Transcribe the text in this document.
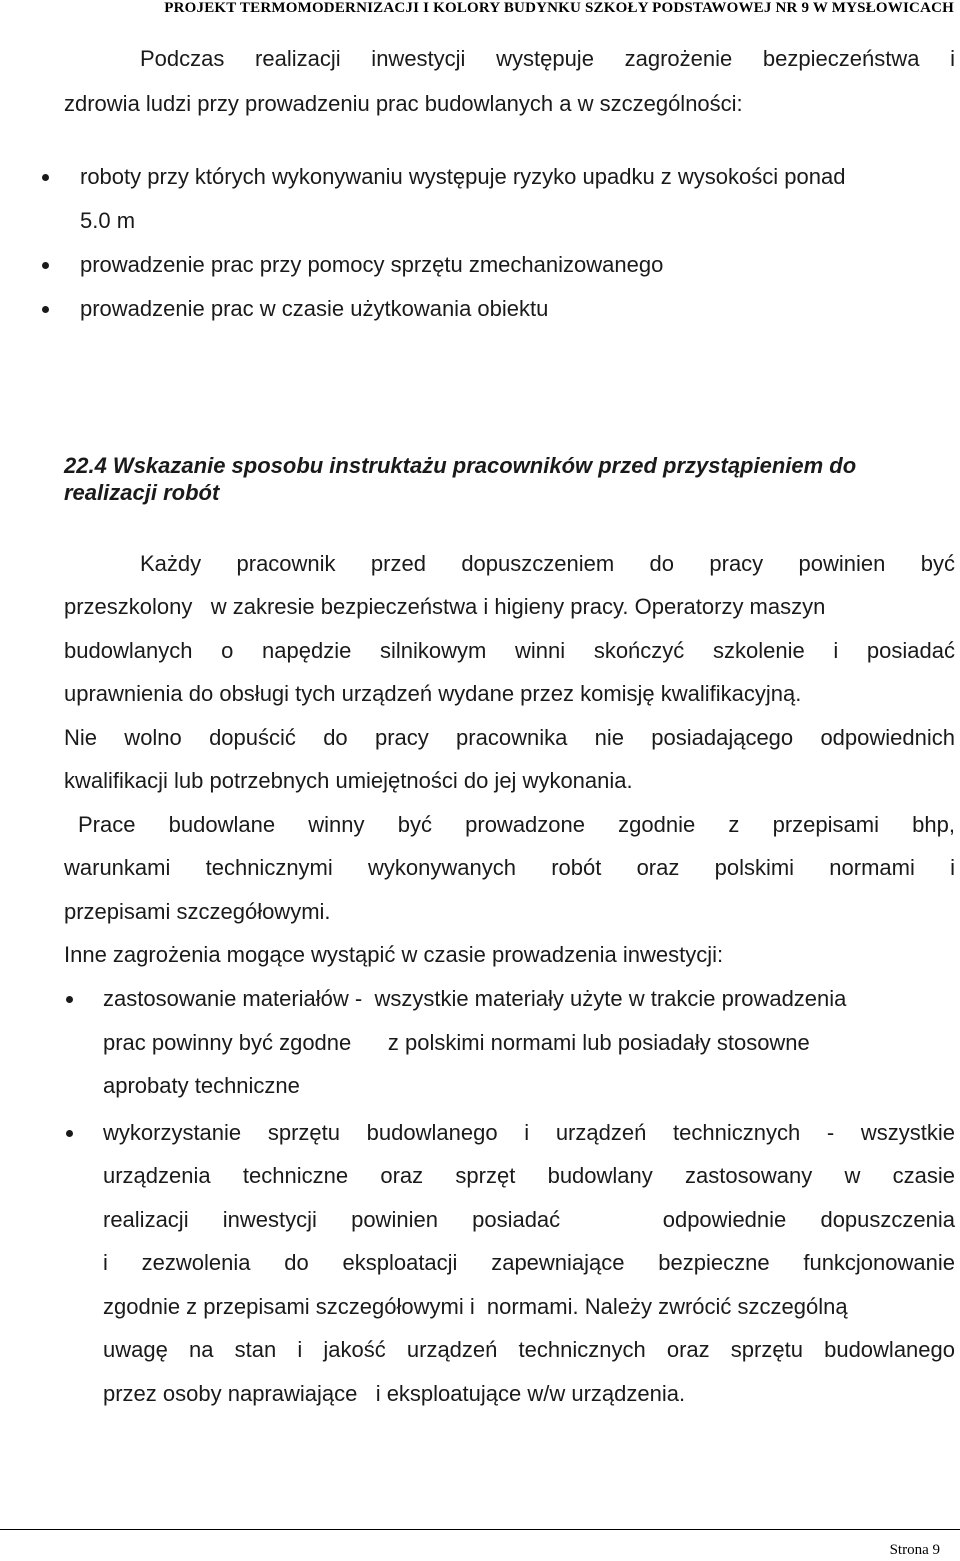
PROJEKT TERMOMODERNIZACJI I KOLORY BUDYNKU SZKOŁY PODSTAWOWEJ NR 9 W MYSŁOWICACH
Podczas realizacji inwestycji występuje zagrożenie bezpieczeństwa i
zdrowia ludzi przy prowadzeniu prac budowlanych a w szczególności:
roboty przy których wykonywaniu występuje ryzyko upadku z wysokości ponad
5.0 m
prowadzenie prac przy pomocy sprzętu zmechanizowanego
prowadzenie prac w czasie użytkowania obiektu
22.4 Wskazanie sposobu instruktażu pracowników przed przystąpieniem do
realizacji robót
Każdy pracownik przed dopuszczeniem do pracy powinien być
przeszkolony   w zakresie bezpieczeństwa i higieny pracy. Operatorzy maszyn
budowlanych o napędzie silnikowym winni skończyć szkolenie i posiadać
uprawnienia do obsługi tych urządzeń wydane przez komisję kwalifikacyjną.
Nie wolno dopuścić do pracy pracownika nie posiadającego odpowiednich
kwalifikacji lub potrzebnych umiejętności do jej wykonania.
Prace budowlane winny być prowadzone zgodnie z przepisami bhp,
warunkami technicznymi wykonywanych robót oraz polskimi normami i
przepisami szczegółowymi.
Inne zagrożenia mogące wystąpić w czasie prowadzenia inwestycji:
zastosowanie materiałów -  wszystkie materiały użyte w trakcie prowadzenia
prac powinny być zgodne      z polskimi normami lub posiadały stosowne
aprobaty techniczne
wykorzystanie sprzętu budowlanego i urządzeń technicznych - wszystkie
urządzenia techniczne oraz sprzęt budowlany zastosowany w czasie
realizacji inwestycji powinien posiadać   odpowiednie dopuszczenia
i zezwolenia do eksploatacji zapewniające bezpieczne funkcjonowanie
zgodnie z przepisami szczegółowymi i  normami. Należy zwrócić szczególną
uwagę na stan i jakość urządzeń technicznych oraz sprzętu budowlanego
przez osoby naprawiające   i eksploatujące w/w urządzenia.
Strona 9
